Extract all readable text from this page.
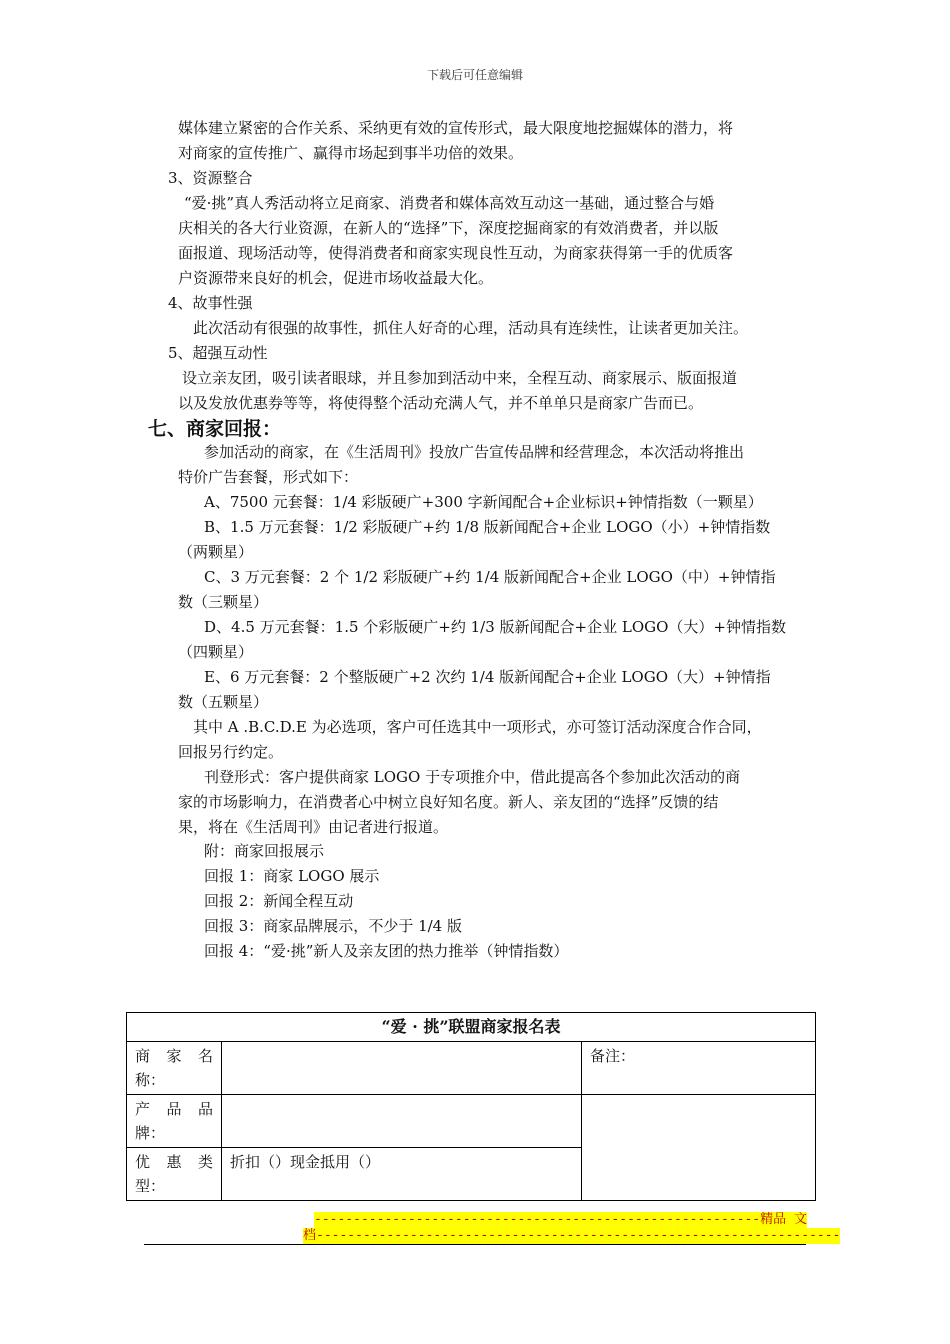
下载后可任意编辑
媒体建立紧密的合作关系、采纳更有效的宣传形式，最大限度地挖掘媒体的潜力，将
对商家的宣传推广、赢得市场起到事半功倍的效果。
3、资源整合
“爱·挑”真人秀活动将立足商家、消费者和媒体高效互动这一基础，通过整合与婚
庆相关的各大行业资源，在新人的“选择”下，深度挖掘商家的有效消费者，并以版
面报道、现场活动等，使得消费者和商家实现良性互动，为商家获得第一手的优质客
户资源带来良好的机会，促进市场收益最大化。
4、故事性强
此次活动有很强的故事性，抓住人好奇的心理，活动具有连续性，让读者更加关注。
5、超强互动性
设立亲友团，吸引读者眼球，并且参加到活动中来，全程互动、商家展示、版面报道
以及发放优惠券等等，将使得整个活动充满人气，并不单单只是商家广告而已。
七、商家回报：
参加活动的商家，在《生活周刊》投放广告宣传品牌和经营理念，本次活动将推出
特价广告套餐，形式如下：
A、7500 元套餐：1/4 彩版硬广+300 字新闻配合+企业标识+钟情指数（一颗星）
B、1.5 万元套餐：1/2 彩版硬广+约 1/8 版新闻配合+企业 LOGO（小）+钟情指数
（两颗星）
C、3 万元套餐：2 个 1/2 彩版硬广+约 1/4 版新闻配合+企业 LOGO（中）+钟情指
数（三颗星）
D、4.5 万元套餐：1.5 个彩版硬广+约 1/3 版新闻配合+企业 LOGO（大）+钟情指数
（四颗星）
E、6 万元套餐：2 个整版硬广+2 次约 1/4 版新闻配合+企业 LOGO（大）+钟情指
数（五颗星）
其中 A .B.C.D.E 为必选项，客户可任选其中一项形式，亦可签订活动深度合作合同，
回报另行约定。
刊登形式：客户提供商家 LOGO 于专项推介中，借此提高各个参加此次活动的商
家的市场影响力，在消费者心中树立良好知名度。新人、亲友团的“选择”反馈的结
果，将在《生活周刊》由记者进行报道。
附：商家回报展示
回报 1：商家 LOGO 展示
回报 2：新闻全程互动
回报 3：商家品牌展示，不少于 1/4 版
回报 4：“爱·挑”新人及亲友团的热力推举（钟情指数）
“爱 · 挑”联盟商家报名表		
商 家 名称：		备注：
产 品 品牌：		
优 惠 类型：	折扣（）现金抵用（）	
---------------------------------------------------------精品 文
档-------------------------------------------------------------------
